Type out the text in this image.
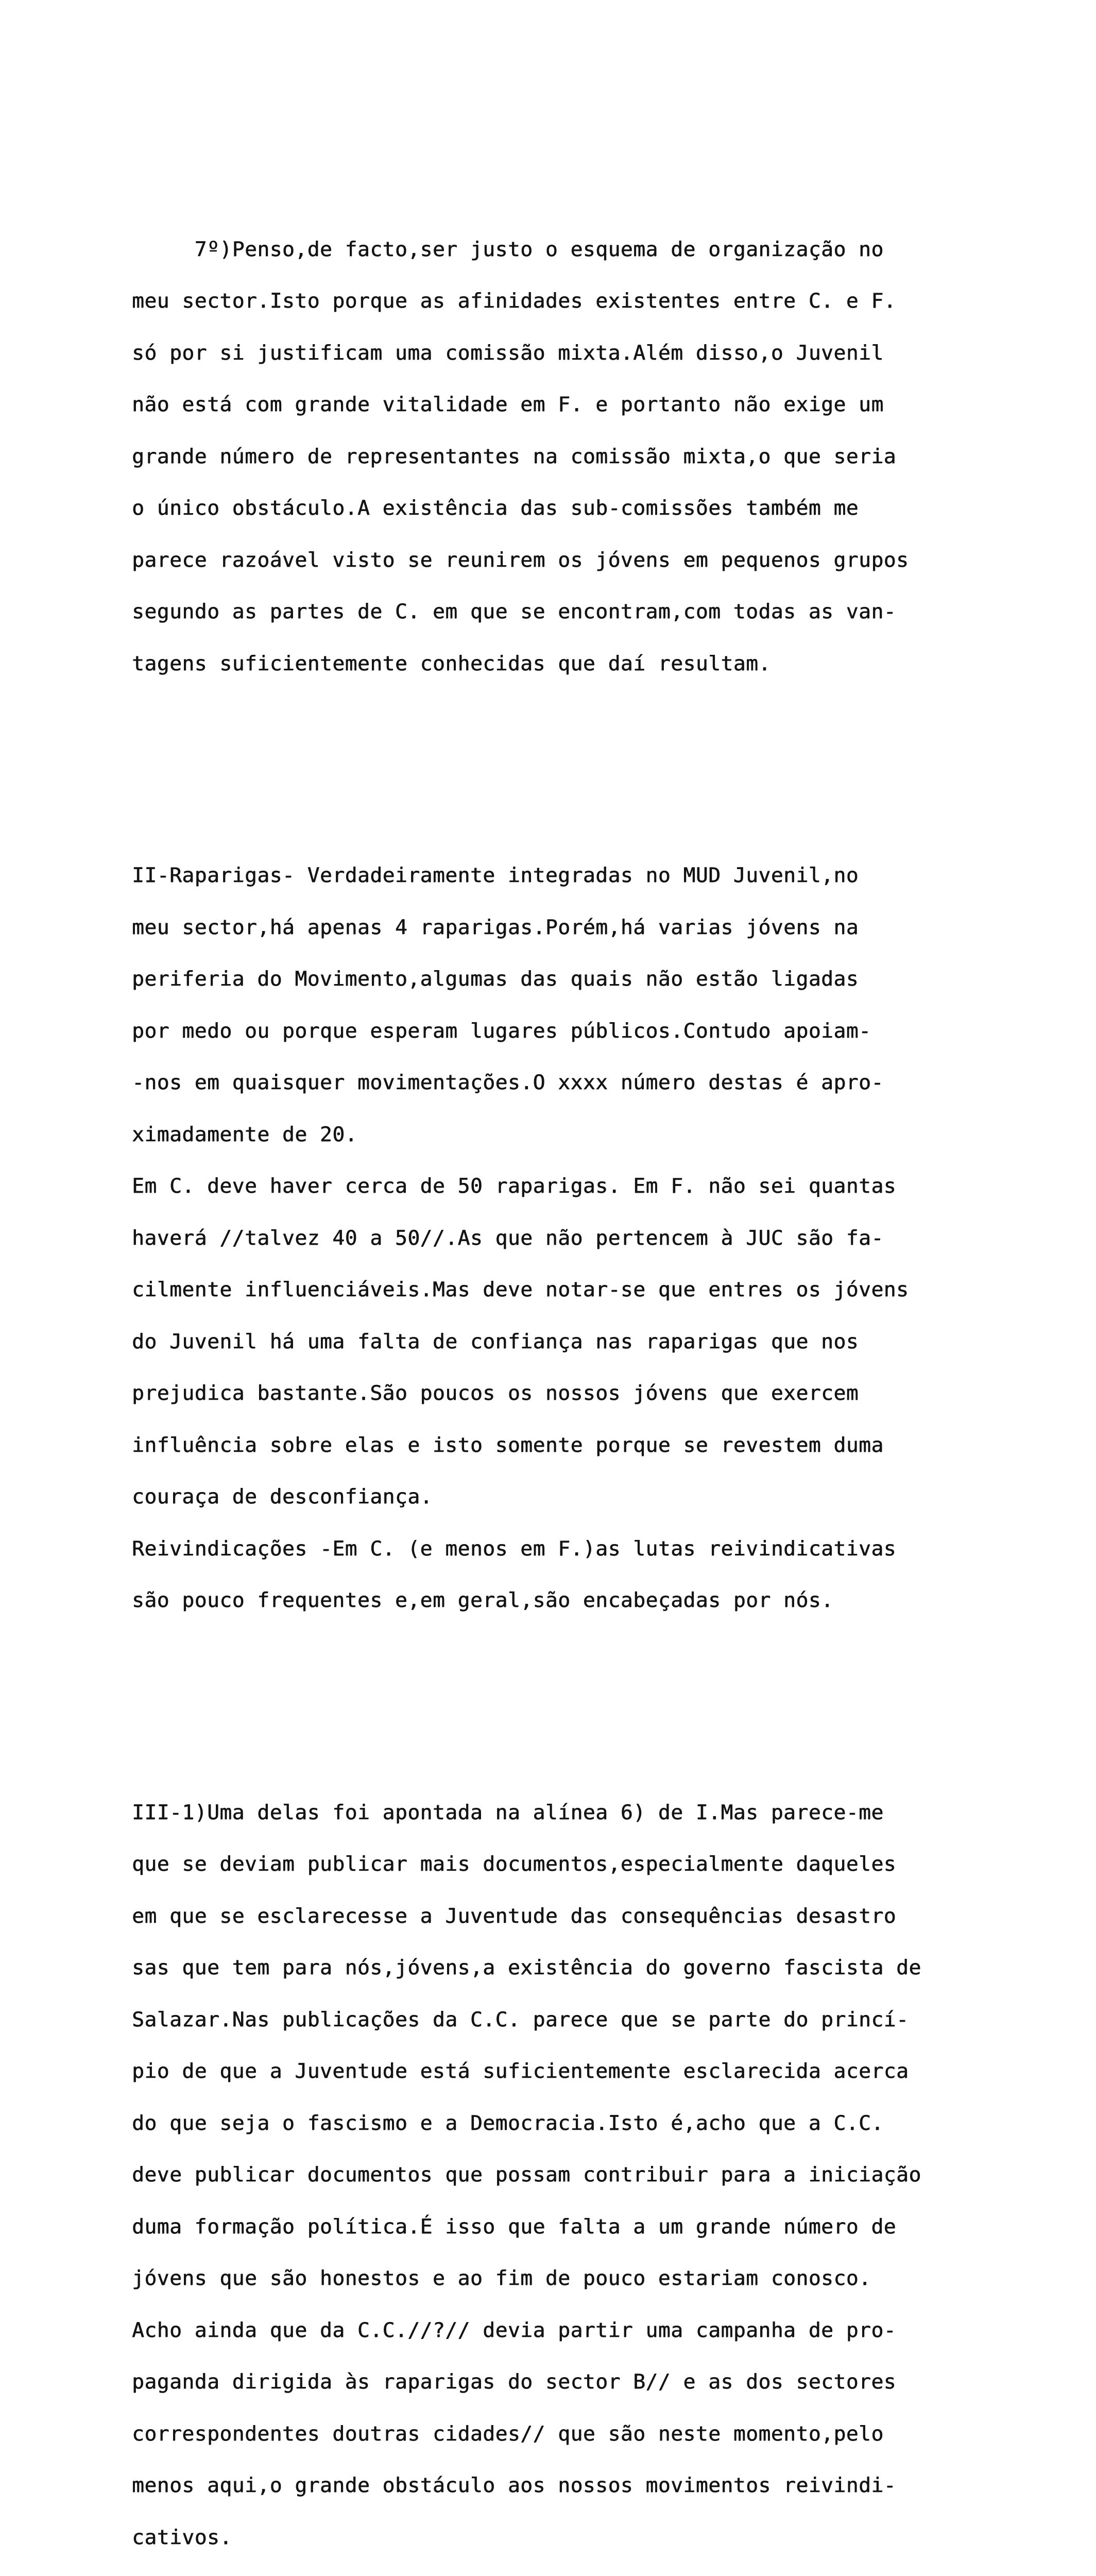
7º)Penso,de facto,ser justo o esquema de organização no

meu sector.Isto porque as afinidades existentes entre C. e F.

só por si justificam uma comissão mixta.Além disso,o Juvenil

não está com grande vitalidade em F. e portanto não exige um

grande número de representantes na comissão mixta,o que seria

o único obstáculo.A existência das sub-comissões também me

parece razoável visto se reunirem os jóvens em pequenos grupos

segundo as partes de C. em que se encontram,com todas as van-

tagens suficientemente conhecidas que daí resultam.

II-Raparigas- Verdadeiramente integradas no MUD Juvenil,no

meu sector,há apenas 4 raparigas.Porém,há varias jóvens na

periferia do Movimento,algumas das quais não estão ligadas

por medo ou porque esperam lugares públicos.Contudo apoiam-

-nos em quaisquer movimentações.O xxxx número destas é apro-

ximadamente de 20.

Em C. deve haver cerca de 50 raparigas. Em F. não sei quantas

haverá //talvez 40 a 50//.As que não pertencem à JUC são fa-

cilmente influenciáveis.Mas deve notar-se que entres os jóvens

do Juvenil há uma falta de confiança nas raparigas que nos

prejudica bastante.São poucos os nossos jóvens que exercem

influência sobre elas e isto somente porque se revestem duma

couraça de desconfiança.

Reivindicações -Em C. (e menos em F.)as lutas reivindicativas

são pouco frequentes e,em geral,são encabeçadas por nós.

III-1)Uma delas foi apontada na alínea 6) de I.Mas parece-me

que se deviam publicar mais documentos,especialmente daqueles

em que se esclarecesse a Juventude das consequências desastro

sas que tem para nós,jóvens,a existência do governo fascista de

Salazar.Nas publicações da C.C. parece que se parte do princí-

pio de que a Juventude está suficientemente esclarecida acerca

do que seja o fascismo e a Democracia.Isto é,acho que a C.C.

deve publicar documentos que possam contribuir para a iniciação

duma formação política.É isso que falta a um grande número de

jóvens que são honestos e ao fim de pouco estariam conosco.

Acho ainda que da C.C.//?// devia partir uma campanha de pro-

paganda dirigida às raparigas do sector B// e as dos sectores

correspondentes doutras cidades// que são neste momento,pelo

menos aqui,o grande obstáculo aos nossos movimentos reivindi-

cativos.
